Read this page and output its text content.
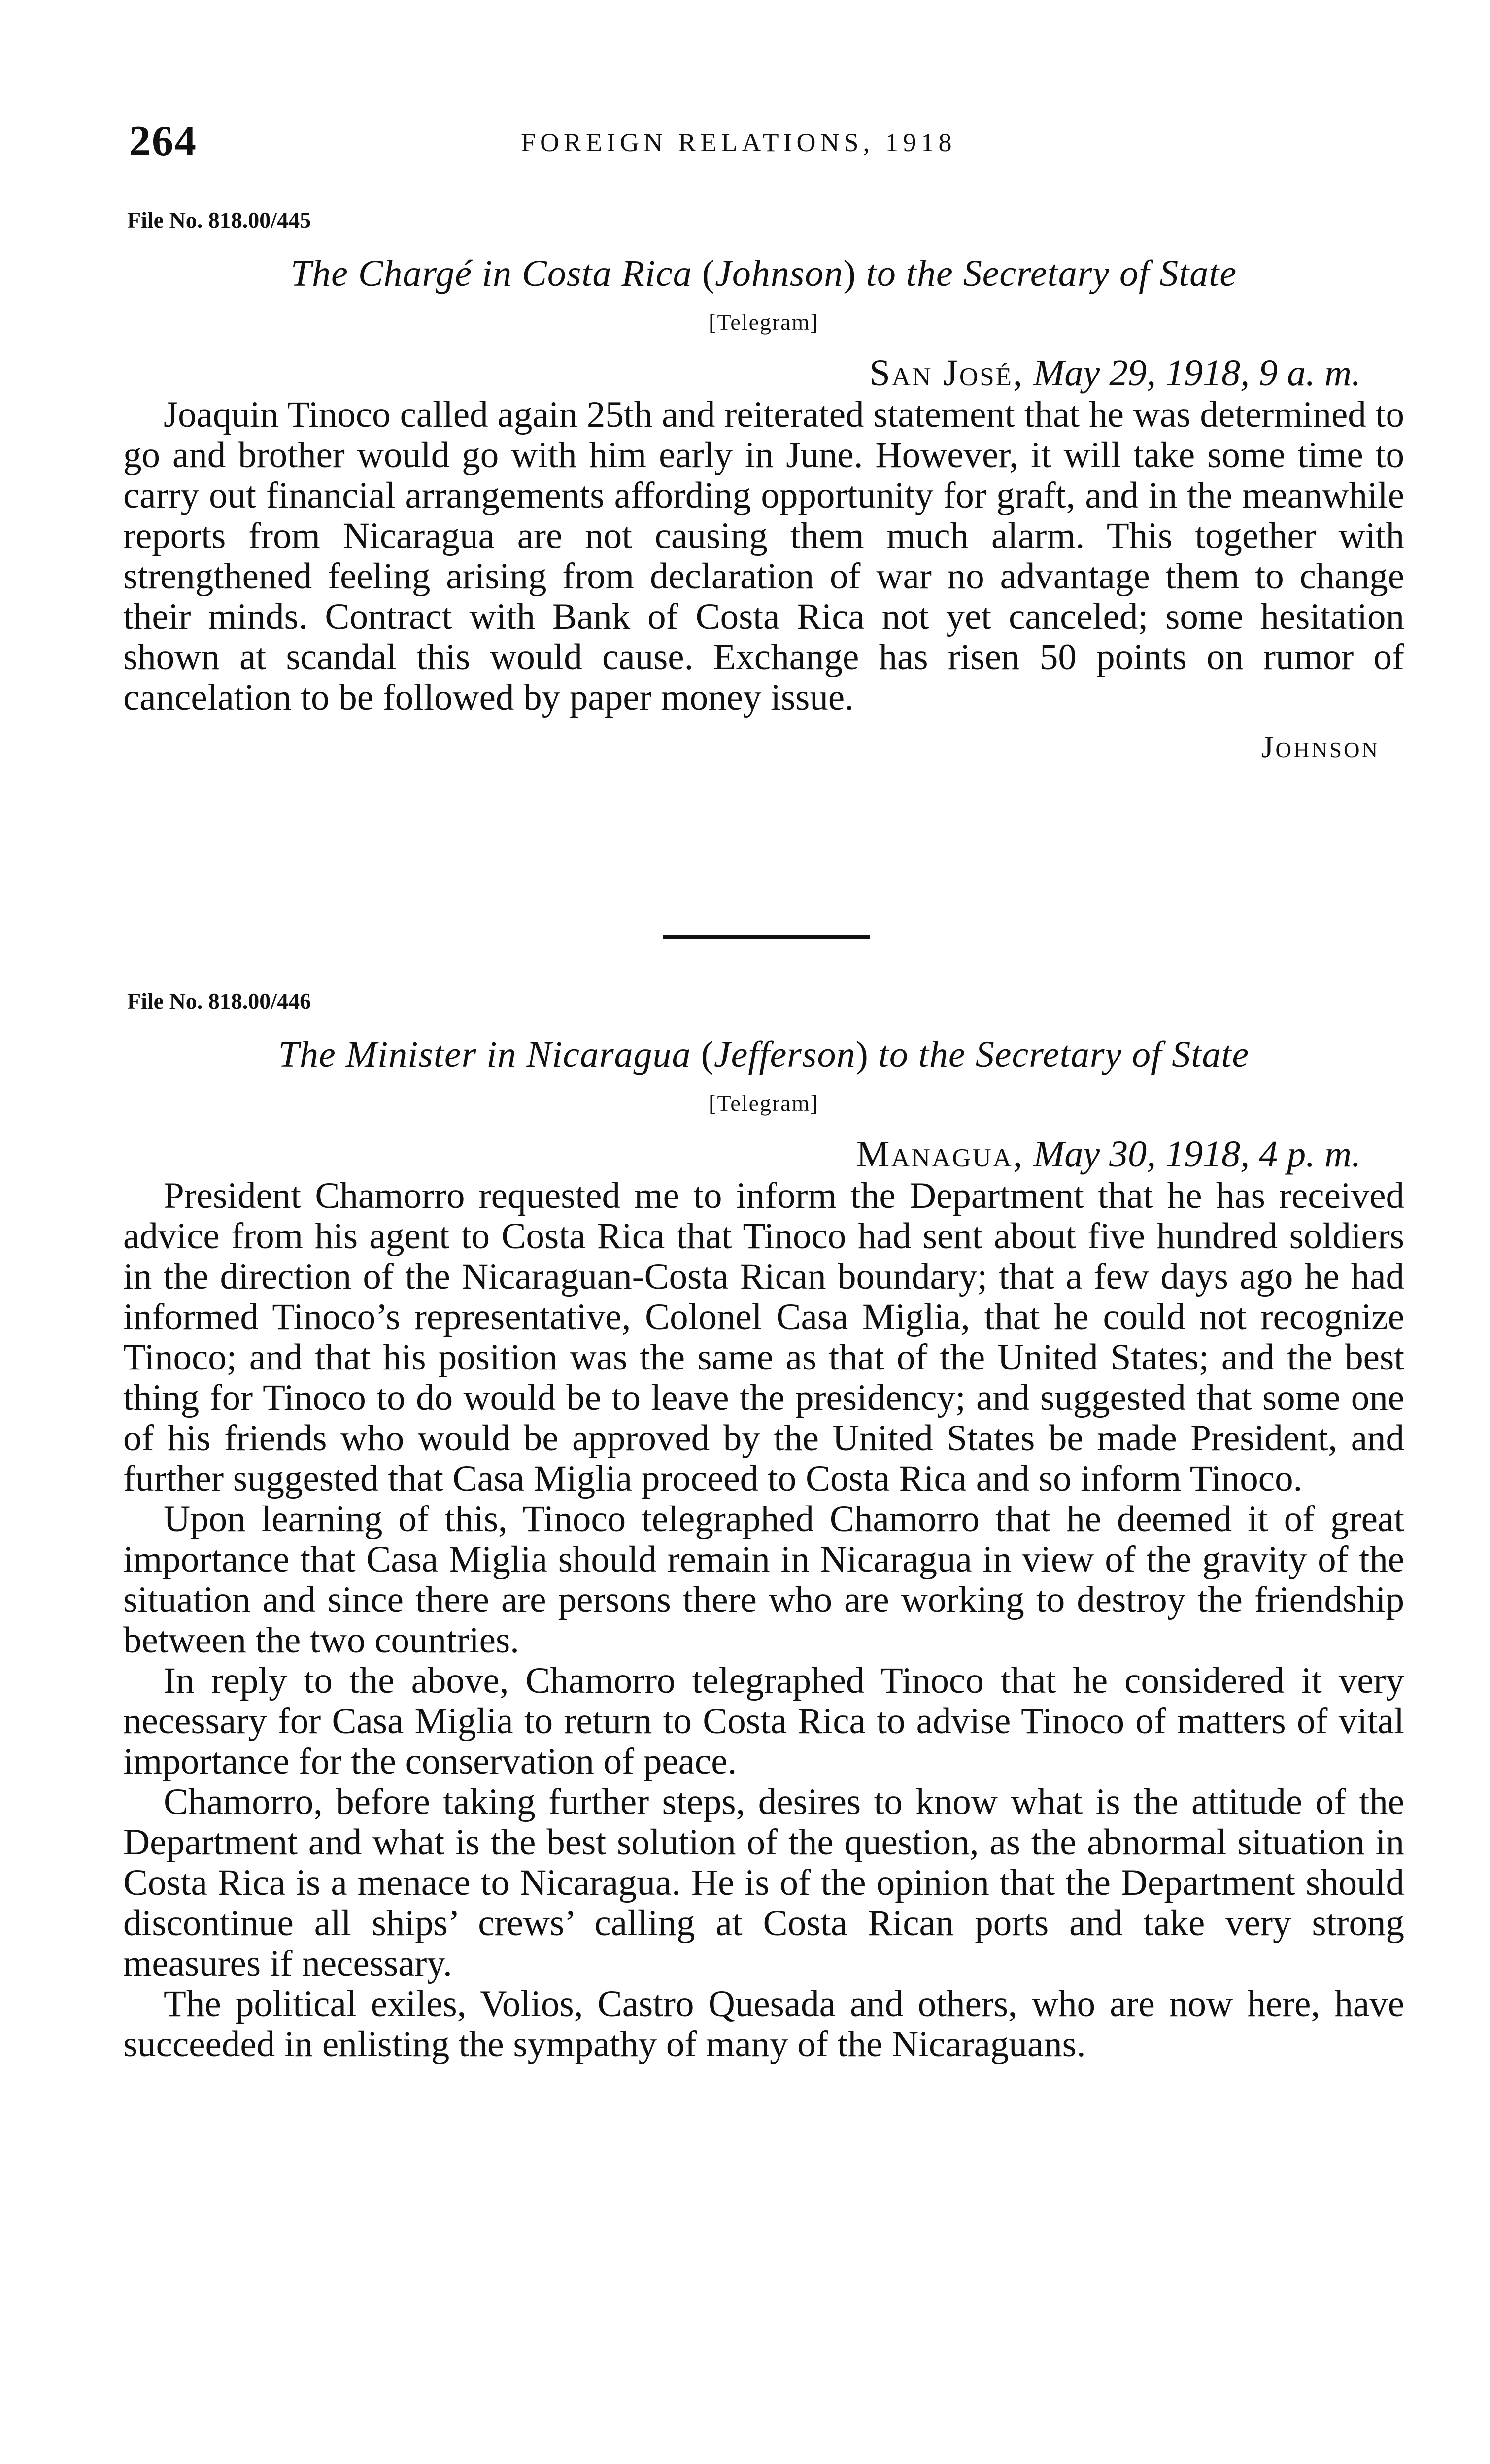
264	FOREIGN RELATIONS, 1918
File No. 818.00/445
The Chargé in Costa Rica (Johnson) to the Secretary of State
[Telegram]
San José, May 29, 1918, 9 a. m.

Joaquin Tinoco called again 25th and reiterated statement that he was determined to go and brother would go with him early in June. However, it will take some time to carry out financial arrangements affording opportunity for graft, and in the meanwhile reports from Nicaragua are not causing them much alarm. This together with strengthened feeling arising from declaration of war no advantage them to change their minds. Contract with Bank of Costa Rica not yet canceled; some hesitation shown at scandal this would cause. Exchange has risen 50 points on rumor of cancelation to be followed by paper money issue.

Johnson
File No. 818.00/446
The Minister in Nicaragua (Jefferson) to the Secretary of State
[Telegram]
Managua, May 30, 1918, 4 p. m.

President Chamorro requested me to inform the Department that he has received advice from his agent to Costa Rica that Tinoco had sent about five hundred soldiers in the direction of the Nicaraguan-Costa Rican boundary; that a few days ago he had informed Tinoco’s representative, Colonel Casa Miglia, that he could not recognize Tinoco; and that his position was the same as that of the United States; and the best thing for Tinoco to do would be to leave the presidency; and suggested that some one of his friends who would be approved by the United States be made President, and further suggested that Casa Miglia proceed to Costa Rica and so inform Tinoco.

Upon learning of this, Tinoco telegraphed Chamorro that he deemed it of great importance that Casa Miglia should remain in Nicaragua in view of the gravity of the situation and since there are persons there who are working to destroy the friendship between the two countries.

In reply to the above, Chamorro telegraphed Tinoco that he considered it very necessary for Casa Miglia to return to Costa Rica to advise Tinoco of matters of vital importance for the conservation of peace.

Chamorro, before taking further steps, desires to know what is the attitude of the Department and what is the best solution of the question, as the abnormal situation in Costa Rica is a menace to Nicaragua. He is of the opinion that the Department should discontinue all ships’ crews’ calling at Costa Rican ports and take very strong measures if necessary.

The political exiles, Volios, Castro Quesada and others, who are now here, have succeeded in enlisting the sympathy of many of the Nicaraguans.
